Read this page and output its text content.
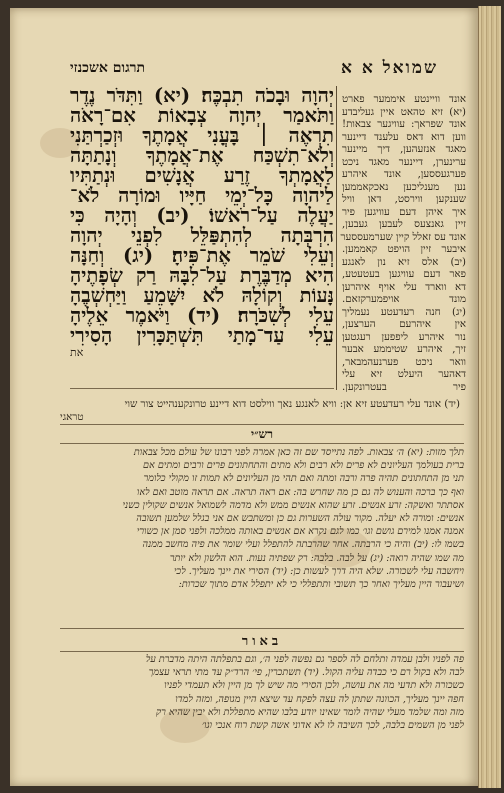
תרגום אשכנזי	שמואל א א
יְהוָה וּבָכֹה תִבְכֶּה׃ (יא) וַתִּדֹּר נֶדֶר
וַתֹּאמַר יְהוָה צְבָאוֹת אִם־רָאֹה
תִרְאֶה ׀ בָּעֳנִי אֲמָתֶךָ וּזְכַרְתַּנִי
וְלֹא־תִשְׁכַּח אֶת־אֲמָתֶךָ וְנָתַתָּה
לַאֲמָתְךָ זֶרַע אֲנָשִׁים וּנְתַתִּיו
לַיהוָה כָּל־יְמֵי חַיָּיו וּמוֹרָה לֹא־
יַעֲלֶה עַל־רֹאשׁוֹ׃ (יב) וְהָיָה כִּי
הִרְבְּתָה לְהִתְפַּלֵּל לִפְנֵי יְהוָה
וְעֵלִי שֹׁמֵר אֶת־פִּיהָ׃ (יג) וְחַנָּה
הִיא מְדַבֶּרֶת עַל־לִבָּהּ רַק שְׂפָתֶיהָ
נָּעוֹת וְקוֹלָהּ לֹא יִשָּׁמֵעַ וַיַּחְשְׁבֶהָ
עֵלִי לְשִׁכֹּרָה׃ (יד) וַיֹּאמֶר אֵלֶיהָ
עֵלִי עַד־מָתַי תִּשְׁתַּכָּרִין הָסִירִי
את
אונד וויינטע איממער פארט
(יא) זיא טהאט איין געליבדע
אונד שפראך: עוויגער צבאות!
ווען דוא דאס עלענד דיינער
מאגד אנזעהען, דיך מיינער
ערינערן, דיינער מאגד ניכט
פערגעססען, אונד איהרע
נען מענליכען נאכקאממען
שענקען ווירסט, דאן וויל
איך איהן דעם עוויגען פיר
זיין גאנצעס לעבען געבען,
אונד עס זאלל קיין שערמעססער
איבער זיין הויפט קאממען.
(יב) אלס זיא נון לאנגע
פאר דעם עוויגען בעטעטע,
דא ווארד עלי אויף איהרען
מונד אויפמערקזאם.
(יג) חנה רעדעטע נעמליך
אין איהרעם הערצען,
נור איהרע ליפפען רעגטען
זיך, איהרע שטיממע אבער
וואר ניכט פערנעהמבאר,
דאהער היעלט זיא עלי
פיר בעטרונקען.
(יד) אונד עלי רעדעטע זיא אן: וויא לאנגע נאך ווילסט דוא דיינע טרונקענהייט צור שוי
טראגי
רש״י
תלך מזות: (יא) ה׳ צבאות. לפה נתייסד שם זה כאן אמרה לפני רבונו של עולם מכל צבאות
ברית בעולמך העליונים לא פרים ולא רבים ולא מתים והתחתונים פרים ורבים ומתים אם
תני מן התחתונים תהיה פרה ורבה ומתה ואם תהי מן העליונים לא תמות זו מקולי כלומר
ואף כך ברכה והענוש לה גם כן מה שחרש בה: אם ראה תראה. אם תראה מוטב ואם לאו
אסתתר ואשקה: זרע אנשים. זרע שהוא אנשים ממש ולא מדמה לשמואל אנשים שקולין כשני
אנשים: ומורה לא יעלה. מקור עולה השערות גם כן ומשתבש אם אני בגלל שלמען תשובה
אמנה אמנו למירם גושם וגו׳ כמו לגם נקרא אם אנשים באותה ממלכה ולפני סמן אן כשורי
בשמו לו: (יב) והיה כי הרבתה. אחר שהרבתה להתפלל ועלי שומר את פיה מחשב ממנה
מה שמו שהיה רואה: (יג) על לבה. בלבה: רק שפתיה נעות. הוא הלשון ולא יותר
ויחשבה עלי לשכורה. שלא היה דרך לעשות כן: (יד) הסירי את יינך מעליך. לכי
ושיעבור היין מעליך ואחר כך תשובי ותתפללי כי לא יתפלל אדם מתוך שכרות:
באור
פה לפניו ולבן עמדה ותלחם לה לספר גם נפשה לפני ה׳, וגם בתפלתה היתה מדברת על
לבה ולא בקול רם כי כבדה עליה הקול. (יד) תשתכרין, פי׳ הרד״ק עד מתי תראי עצמך
כשכורה ולא תדעי מה את עושה, ולכן הסירי מה שיש לך מן היין ולא תעמדי לפניו
חפה יינך מעליך, הכוונה שתתן לה עצה לפקח עד שיצא היין מגופה, ומזה למדו
מזה ומה שלמד מעלי שהיה לומר שאינו יודע בלבו שהיא מתפללת ולא יבין שהיא רק
לפני מן השמים בלבה, לכך השיבה לו לא אדוני אשה קשת רוח אנכי וגו׳
